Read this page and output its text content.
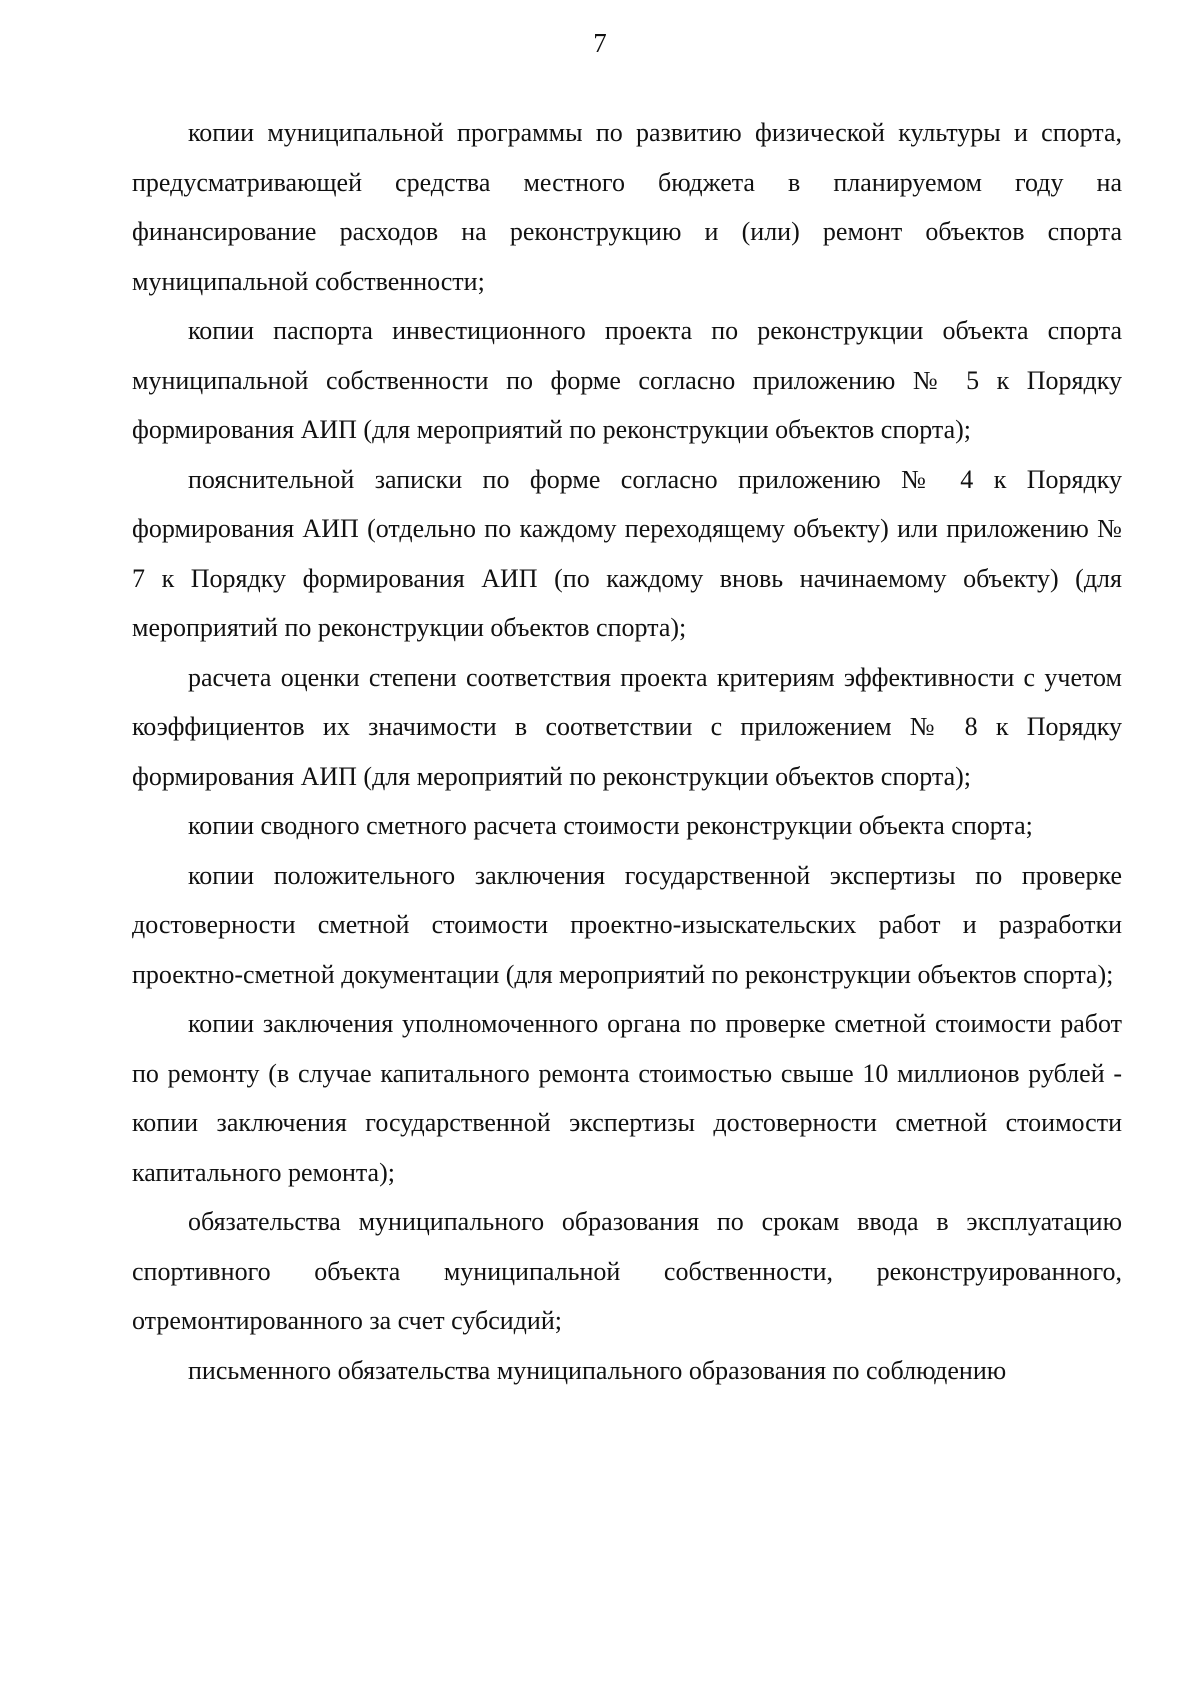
7

копии муниципальной программы по развитию физической культуры и спорта, предусматривающей средства местного бюджета в планируемом году на финансирование расходов на реконструкцию и (или) ремонт объектов спорта муниципальной собственности;

копии паспорта инвестиционного проекта по реконструкции объекта спорта муниципальной собственности по форме согласно приложению № 5 к Порядку формирования АИП (для мероприятий по реконструкции объектов спорта);

пояснительной записки по форме согласно приложению № 4 к Порядку формирования АИП (отдельно по каждому переходящему объекту) или приложению № 7 к Порядку формирования АИП (по каждому вновь начинаемому объекту) (для мероприятий по реконструкции объектов спорта);

расчета оценки степени соответствия проекта критериям эффективности с учетом коэффициентов их значимости в соответствии с приложением № 8 к Порядку формирования АИП (для мероприятий по реконструкции объектов спорта);

копии сводного сметного расчета стоимости реконструкции объекта спорта;

копии положительного заключения государственной экспертизы по проверке достоверности сметной стоимости проектно-изыскательских работ и разработки проектно-сметной документации (для мероприятий по реконструкции объектов спорта);

копии заключения уполномоченного органа по проверке сметной стоимости работ по ремонту (в случае капитального ремонта стоимостью свыше 10 миллионов рублей - копии заключения государственной экспертизы достоверности сметной стоимости капитального ремонта);

обязательства муниципального образования по срокам ввода в эксплуатацию спортивного объекта муниципальной собственности, реконструированного, отремонтированного за счет субсидий;

письменного обязательства муниципального образования по соблюдению
